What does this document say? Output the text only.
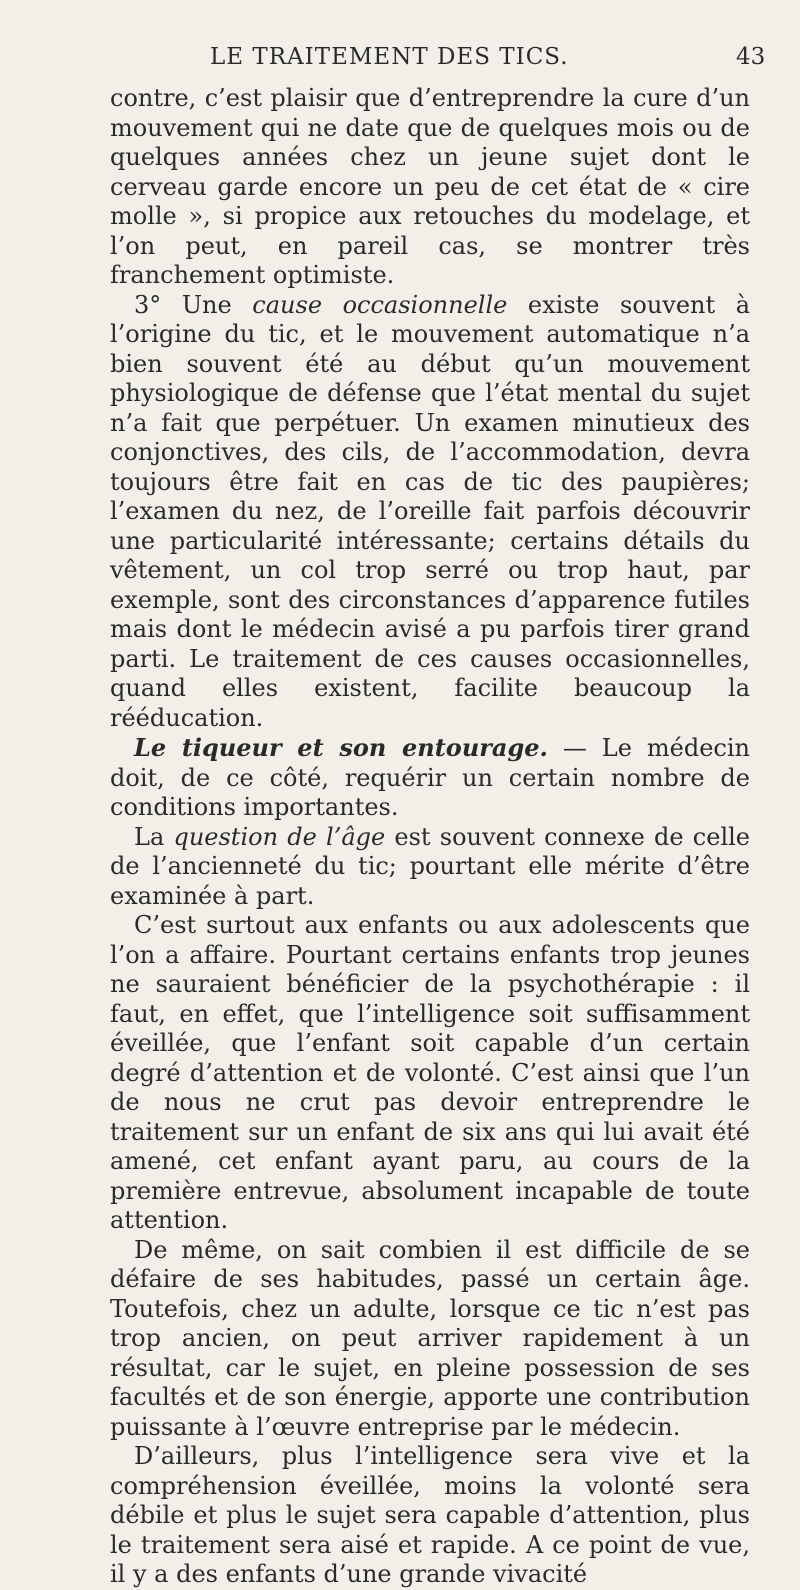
LE TRAITEMENT DES TICS.	43

contre, c’est plaisir que d’entreprendre la cure d’un mouvement qui ne date que de quelques mois ou de quelques années chez un jeune sujet dont le cerveau garde encore un peu de cet état de « cire molle », si propice aux retouches du modelage, et l’on peut, en pareil cas, se montrer très franchement optimiste.

3° Une cause occasionnelle existe souvent à l’origine du tic, et le mouvement automatique n’a bien souvent été au début qu’un mouvement physiologique de défense que l’état mental du sujet n’a fait que perpétuer. Un examen minutieux des conjonctives, des cils, de l’accommodation, devra toujours être fait en cas de tic des paupières; l’examen du nez, de l’oreille fait parfois découvrir une particularité intéressante; certains détails du vêtement, un col trop serré ou trop haut, par exemple, sont des circonstances d’apparence futiles mais dont le médecin avisé a pu parfois tirer grand parti. Le traitement de ces causes occasionnelles, quand elles existent, facilite beaucoup la rééducation.

Le tiqueur et son entourage. — Le médecin doit, de ce côté, requérir un certain nombre de conditions importantes.

La question de l’âge est souvent connexe de celle de l’ancienneté du tic; pourtant elle mérite d’être examinée à part.

C’est surtout aux enfants ou aux adolescents que l’on a affaire. Pourtant certains enfants trop jeunes ne sauraient bénéficier de la psychothérapie : il faut, en effet, que l’intelligence soit suffisamment éveillée, que l’enfant soit capable d’un certain degré d’attention et de volonté. C’est ainsi que l’un de nous ne crut pas devoir entreprendre le traitement sur un enfant de six ans qui lui avait été amené, cet enfant ayant paru, au cours de la première entrevue, absolument incapable de toute attention.

De même, on sait combien il est difficile de se défaire de ses habitudes, passé un certain âge. Toutefois, chez un adulte, lorsque ce tic n’est pas trop ancien, on peut arriver rapidement à un résultat, car le sujet, en pleine possession de ses facultés et de son énergie, apporte une contribution puissante à l’œuvre entreprise par le médecin.

D’ailleurs, plus l’intelligence sera vive et la compréhension éveillée, moins la volonté sera débile et plus le sujet sera capable d’attention, plus le traitement sera aisé et rapide. A ce point de vue, il y a des enfants d’une grande vivacité
